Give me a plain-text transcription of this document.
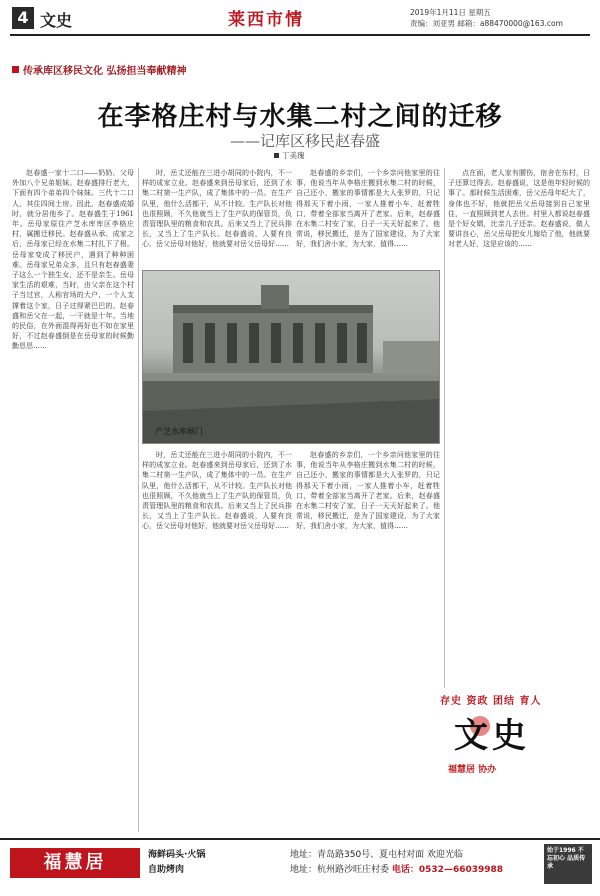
4 文史	莱西市情	2019年1月11日 星期五
责编：刘亚男 邮箱：a88470000@163.com
传承库区移民文化 弘扬担当奉献精神
在李格庄村与水集二村之间的迁移
——记库区移民赵春盛
丁美瑰

赵春盛一家十二口——奶奶、父母外加八个兄弟姐妹。赵春盛排行老大，下面有四个弟弟四个妹妹。三代十二口人，其住四间土房。因此，赵春盛成婚时，就分居他乡了。赵春盛生于1961年。岳母家原住产芝水库库区李格庄村，属搬迁移民。赵春盛从承、成家之后，岳母家已经在水集二村扎下了根。岳母家变成了移民户，遇到了种种困难。岳母家兄弟众多，且只有赵春盛妻子这么一个独生女，还不是亲生。岳母家生活的艰难，当时，由父亲在这个村子当过官，人称官场的大户，一个人支撑着这个家，日子过得紧巴巴的。赵春盛和岳父在一起，一干就是十年。当地的民俗，在外面混得再好也不如在家里好，不过赵春盛倒是在岳母家的时候勤勤恳恳……

时，岳丈还能在三进小胡同的小院内，不一样的成家立业。赵春盛来到岳母家后，还到了水集二村第一生产队，成了集体中的一员。在生产队里，他什么活都干，从不计较。生产队长对他也很照顾，不久他就当上了生产队的保管员，负责管理队里的粮食和农具。后来又当上了民兵排长，又当上了生产队长。赵春盛说，人要有良心，岳父岳母对他好，他就要对岳父岳母好……

赵春盛的乡亲们，一个乡亲问他家里的往事，他说当年从李格庄搬到水集二村的时候，自己还小，搬家的事情都是大人张罗的，只记得那天下着小雨，一家人推着小车，赶着牲口，带着全部家当离开了老家。后来，赵春盛在水集二村安了家，日子一天天好起来了。他常说，移民搬迁，是为了国家建设，为了大家好，我们舍小家，为大家，值得……

产芝水库闸门

时，岳丈还能在三进小胡同的小院内，不一样的成家立业。赵春盛来到岳母家后，还到了水集二村第一生产队，成了集体中的一员。在生产队里，他什么活都干，从不计较。生产队长对他也很照顾，不久他就当上了生产队的保管员，负责管理队里的粮食和农具。后来又当上了民兵排长，又当上了生产队长。赵春盛说，人要有良心，岳父岳母对他好，他就要对岳父岳母好……

赵春盛的乡亲们，一个乡亲问他家里的往事，他说当年从李格庄搬到水集二村的时候，自己还小，搬家的事情都是大人张罗的，只记得那天下着小雨，一家人推着小车，赶着牲口，带着全部家当离开了老家。后来，赵春盛在水集二村安了家，日子一天天好起来了。他常说，移民搬迁，是为了国家建设，为了大家好，我们舍小家，为大家，值得……

点在面，老人家有腰伤，宿舍在东村，日子还算过得去。赵春盛说，这是他年轻时候的事了。那时候生活困难，岳父岳母年纪大了，身体也不好，他就把岳父岳母接到自己家里住，一直照顾到老人去世。村里人都说赵春盛是个好女婿，比亲儿子还亲。赵春盛说，做人要讲良心，岳父岳母把女儿嫁给了他，他就要对老人好，这是应该的……

存史 资政 团结 育人
文史
福慧居 协办
福慧居	海鲜码头·火锅
自助烤肉
地址：青岛路350号、夏屯村对面 欢迎光临
地址：杭州路沙旺庄村委 电话：0532—66039988
始于1996 不忘初心 品质传承
